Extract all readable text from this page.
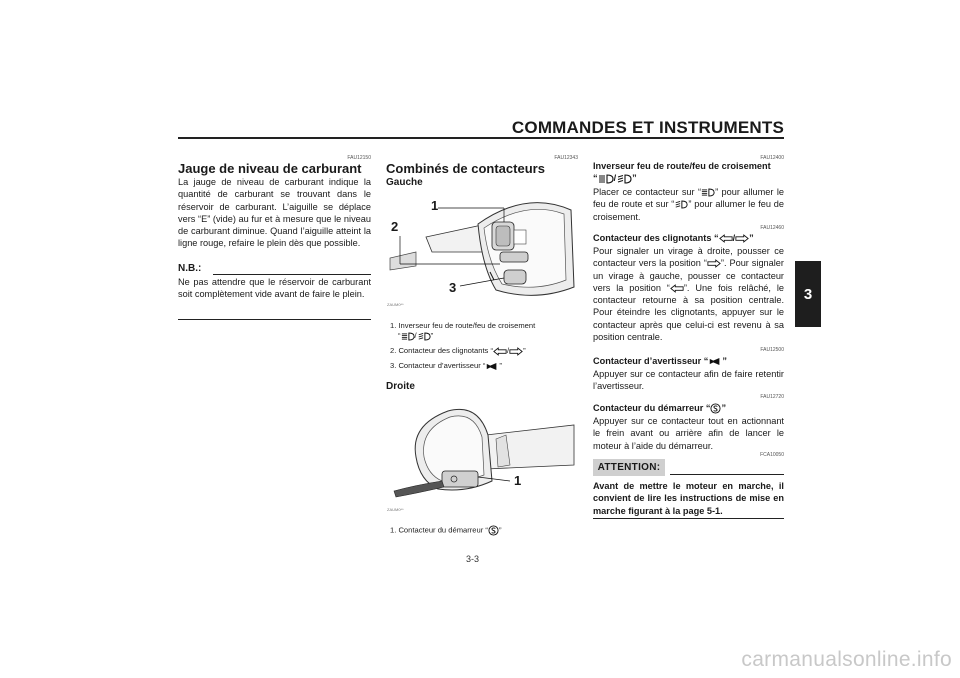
COMMANDES ET INSTRUMENTS
3
FAU12150
Jauge de niveau de carburant
La jauge de niveau de carburant indique la quantité de carburant se trouvant dans le réservoir de carburant. L’aiguille se déplace vers “E” (vide) au fur et à mesure que le niveau de carburant diminue. Quand l’aiguille atteint la ligne rouge, refaire le plein dès que possible.
N.B.:
Ne pas attendre que le réservoir de carburant soit complètement vide avant de faire le plein.
FAU12343
Combinés de contacteurs
Gauche
1
2
3
ZAUM0**
1. Inverseur feu de route/feu de croisement
“ / ”
2. Contacteur des clignotants “ / ”
3. Contacteur d’avertisseur “ ”
Droite
1
ZAUM0**
1. Contacteur du démarreur “ ”
3-3
FAU12400
Inverseur feu de route/feu de croisement
“ / ”
Placer ce contacteur sur “ ” pour allumer le feu de route et sur “ ” pour allumer le feu de croisement.
FAU12460
Contacteur des clignotants “ / ”
Pour signaler un virage à droite, pousser ce contacteur vers la position “ ”. Pour signaler un virage à gauche, pousser ce contacteur vers la position “ ”. Une fois relâché, le contacteur retourne à sa position centrale. Pour éteindre les clignotants, appuyer sur le contacteur après que celui-ci est revenu à sa position centrale.
FAU12500
Contacteur d’avertisseur “ ”
Appuyer sur ce contacteur afin de faire retentir l’avertisseur.
FAU12720
Contacteur du démarreur “ ”
Appuyer sur ce contacteur tout en actionnant le frein avant ou arrière afin de lancer le moteur à l’aide du démarreur.
FCA10050
ATTENTION:
Avant de mettre le moteur en marche, il convient de lire les instructions de mise en marche figurant à la page 5-1.
carmanualsonline.info
